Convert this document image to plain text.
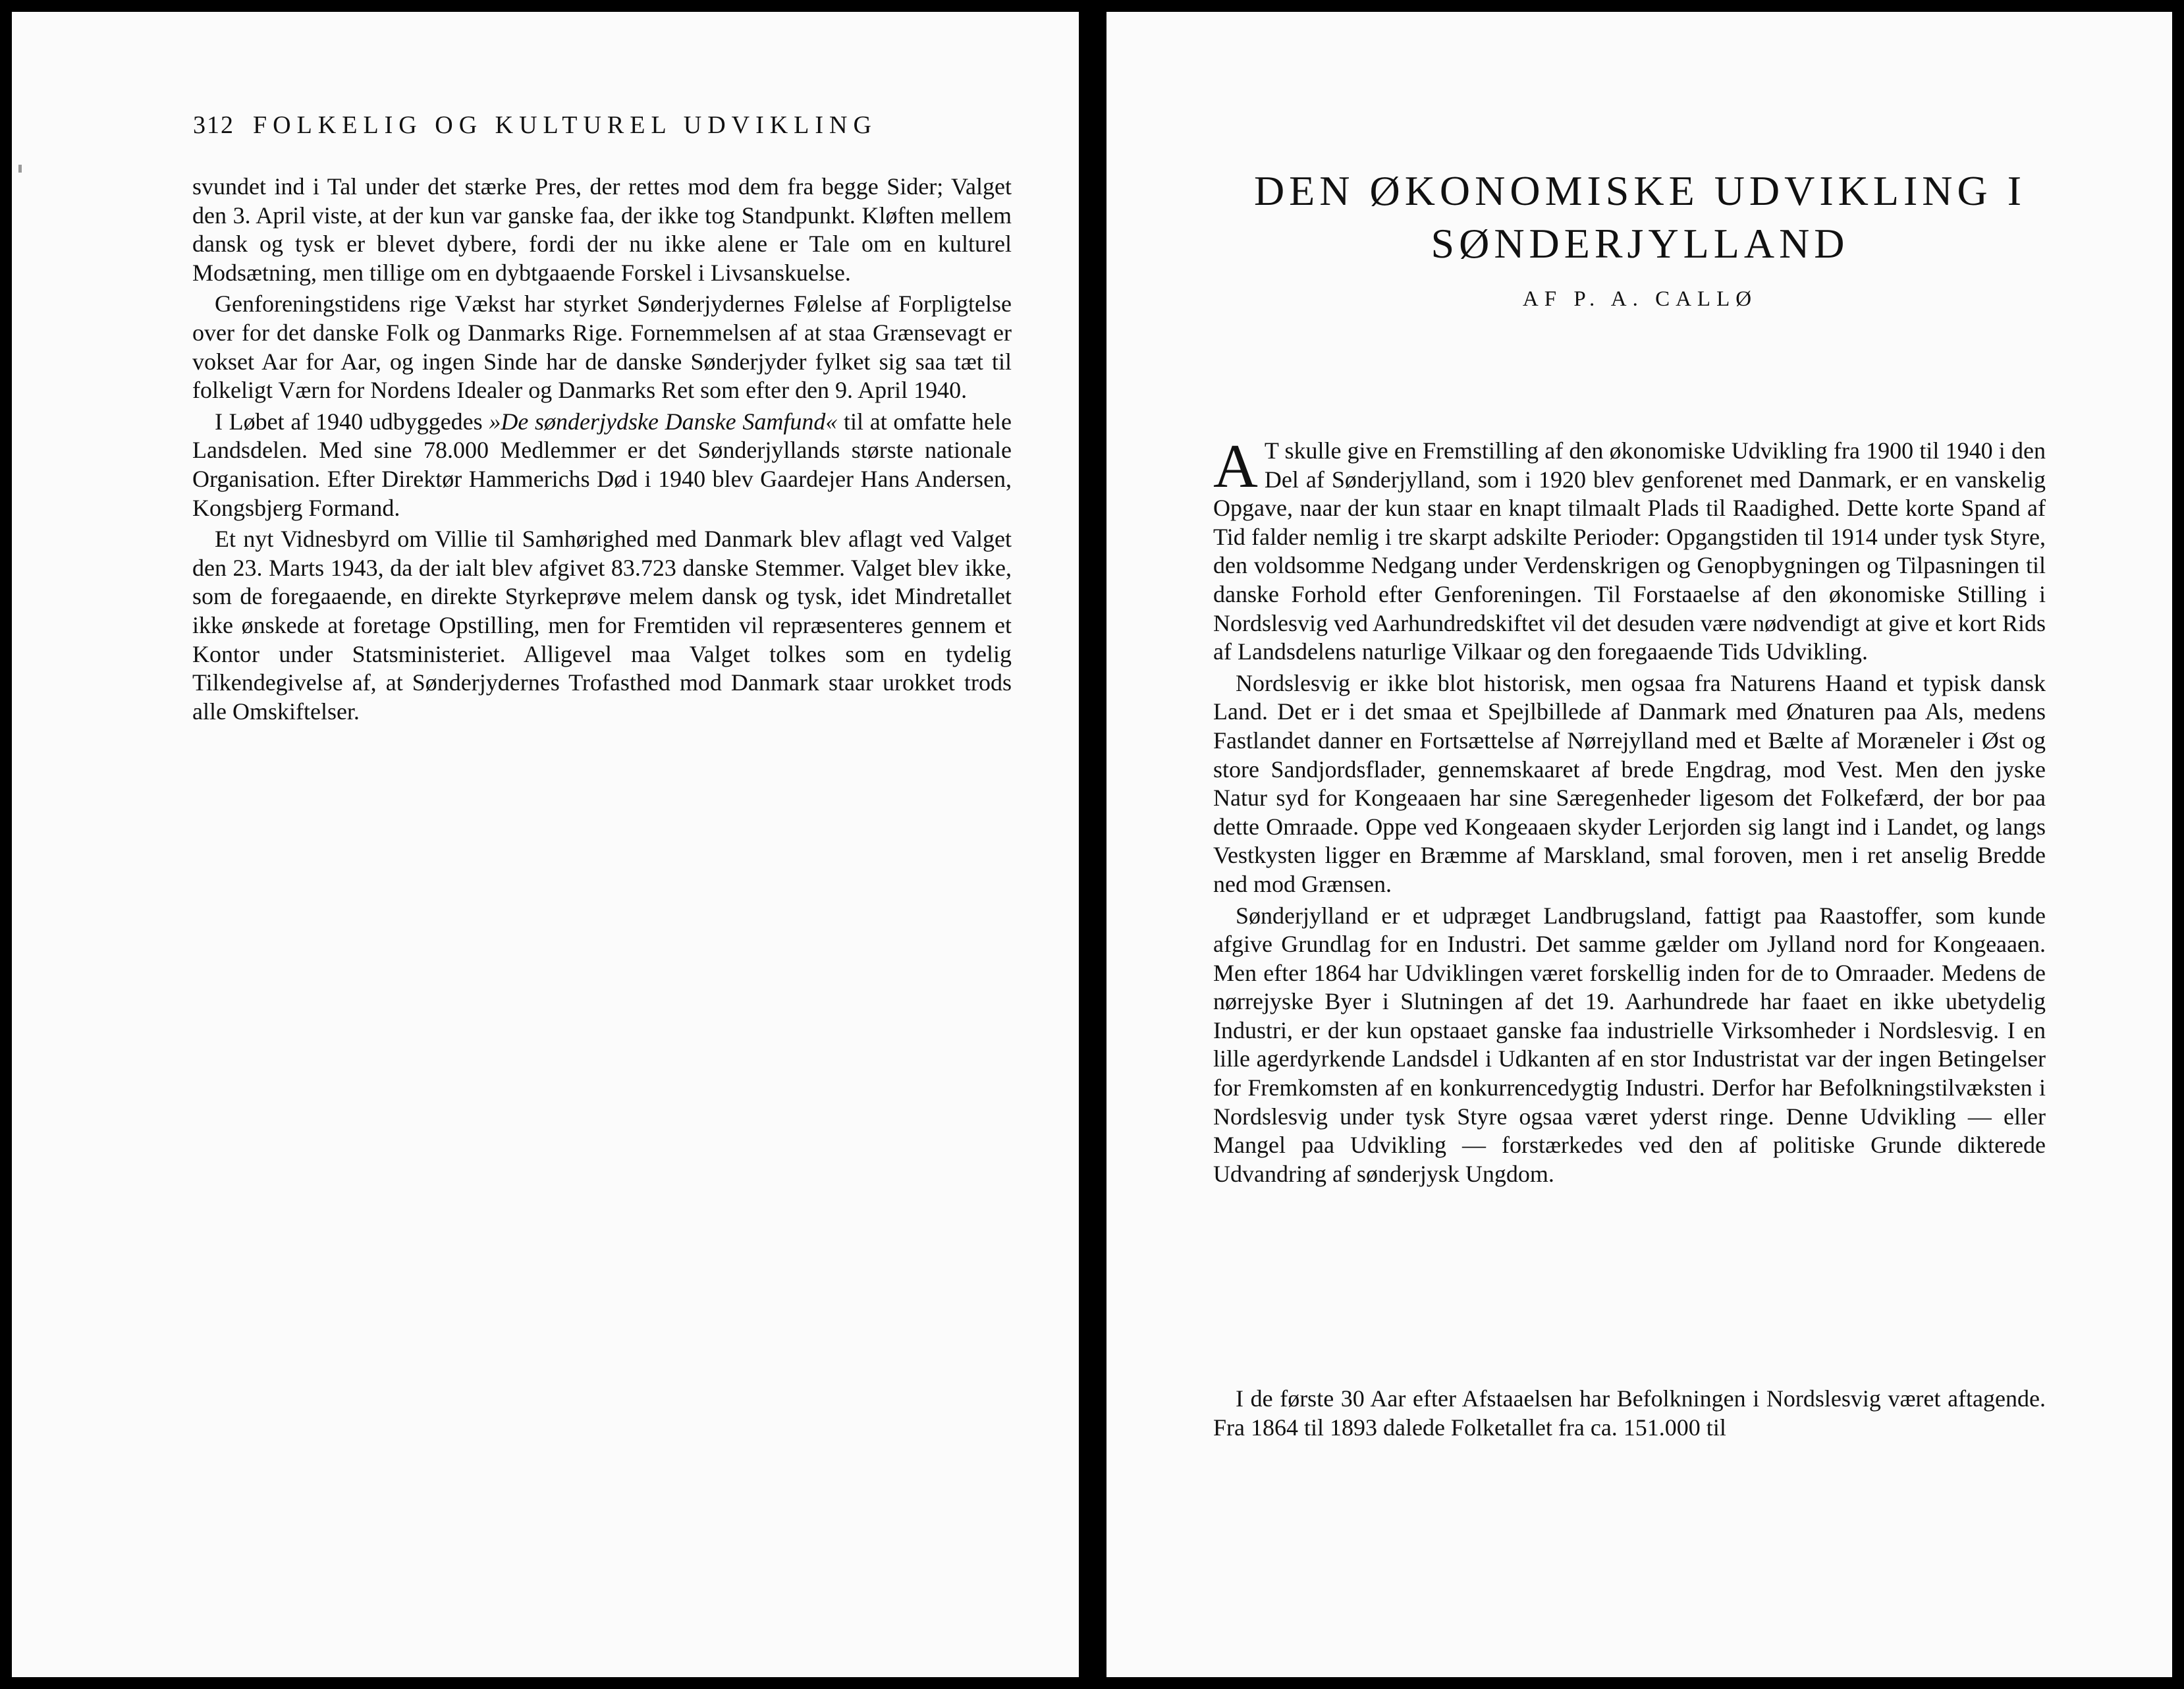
312 FOLKELIG OG KULTUREL UDVIKLING

svundet ind i Tal under det stærke Pres, der rettes mod dem fra begge Sider; Valget den 3. April viste, at der kun var ganske faa, der ikke tog Standpunkt. Kløften mellem dansk og tysk er blevet dybere, fordi der nu ikke alene er Tale om en kulturel Modsætning, men tillige om en dybtgaaende Forskel i Livsanskuelse.

Genforeningstidens rige Vækst har styrket Sønderjydernes Følelse af Forpligtelse over for det danske Folk og Danmarks Rige. Fornemmelsen af at staa Grænsevagt er vokset Aar for Aar, og ingen Sinde har de danske Sønderjyder fylket sig saa tæt til folkeligt Værn for Nordens Idealer og Danmarks Ret som efter den 9. April 1940.

I Løbet af 1940 udbyggedes »De sønderjydske Danske Samfund« til at omfatte hele Landsdelen. Med sine 78.000 Medlemmer er det Sønderjyllands største nationale Organisation. Efter Direktør Hammerichs Død i 1940 blev Gaardejer Hans Andersen, Kongsbjerg Formand.

Et nyt Vidnesbyrd om Villie til Samhørighed med Danmark blev aflagt ved Valget den 23. Marts 1943, da der ialt blev afgivet 83.723 danske Stemmer. Valget blev ikke, som de foregaaende, en direkte Styrkeprøve melem dansk og tysk, idet Mindretallet ikke ønskede at foretage Opstilling, men for Fremtiden vil repræsenteres gennem et Kontor under Statsministeriet. Alligevel maa Valget tolkes som en tydelig Tilkendegivelse af, at Sønderjydernes Trofasthed mod Danmark staar urokket trods alle Omskiftelser.

DEN ØKONOMISKE UDVIKLING I
SØNDERJYLLAND
AF P. A. CALLØ

A T skulle give en Fremstilling af den økonomiske Udvikling fra 1900 til 1940 i den Del af Sønderjylland, som i 1920 blev genforenet med Danmark, er en vanskelig Opgave, naar der kun staar en knapt tilmaalt Plads til Raadighed. Dette korte Spand af Tid falder nemlig i tre skarpt adskilte Perioder: Opgangstiden til 1914 under tysk Styre, den voldsomme Nedgang under Verdenskrigen og Genopbygningen og Tilpasningen til danske Forhold efter Genforeningen. Til Forstaaelse af den økonomiske Stilling i Nordslesvig ved Aarhundredskiftet vil det desuden være nødvendigt at give et kort Rids af Landsdelens naturlige Vilkaar og den foregaaende Tids Udvikling.

Nordslesvig er ikke blot historisk, men ogsaa fra Naturens Haand et typisk dansk Land. Det er i det smaa et Spejlbillede af Danmark med Ønaturen paa Als, medens Fastlandet danner en Fortsættelse af Nørrejylland med et Bælte af Moræneler i Øst og store Sandjordsflader, gennemskaaret af brede Engdrag, mod Vest. Men den jyske Natur syd for Kongeaaen har sine Særegenheder ligesom det Folkefærd, der bor paa dette Omraade. Oppe ved Kongeaaen skyder Lerjorden sig langt ind i Landet, og langs Vestkysten ligger en Bræmme af Marskland, smal foroven, men i ret anselig Bredde ned mod Grænsen.

Sønderjylland er et udpræget Landbrugsland, fattigt paa Raastoffer, som kunde afgive Grundlag for en Industri. Det samme gælder om Jylland nord for Kongeaaen. Men efter 1864 har Udviklingen været forskellig inden for de to Omraader. Medens de nørrejyske Byer i Slutningen af det 19. Aarhundrede har faaet en ikke ubetydelig Industri, er der kun opstaaet ganske faa industrielle Virksomheder i Nordslesvig. I en lille agerdyrkende Landsdel i Udkanten af en stor Industristat var der ingen Betingelser for Fremkomsten af en konkurrencedygtig Industri. Derfor har Befolkningstilvæksten i Nordslesvig under tysk Styre ogsaa været yderst ringe. Denne Udvikling — eller Mangel paa Udvikling — forstærkedes ved den af politiske Grunde dikterede Udvandring af sønderjysk Ungdom.

I de første 30 Aar efter Afstaaelsen har Befolkningen i Nordslesvig været aftagende. Fra 1864 til 1893 dalede Folketallet fra ca. 151.000 til
